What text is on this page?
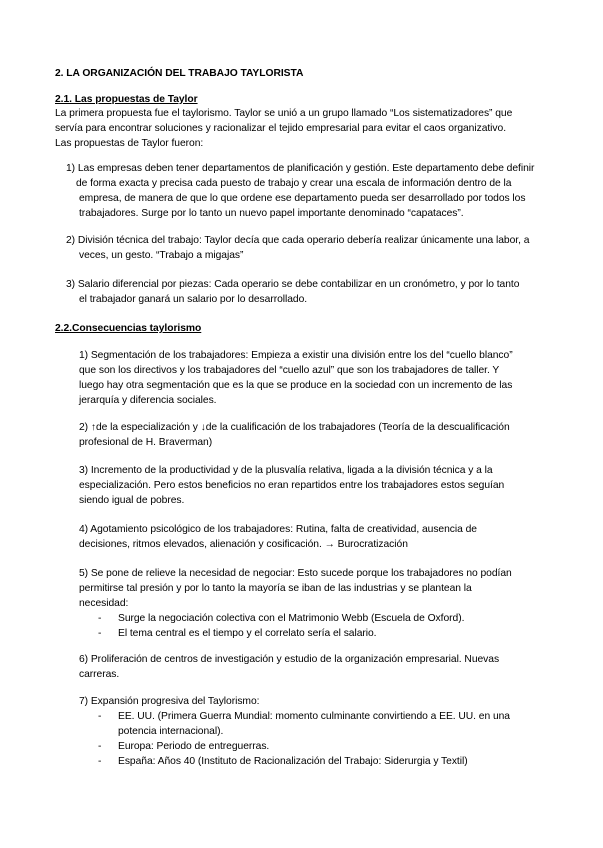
2. LA ORGANIZACIÓN DEL TRABAJO TAYLORISTA
2.1. Las propuestas de Taylor
La primera propuesta fue el taylorismo. Taylor se unió a un grupo llamado “Los sistematizadores” que
servía para encontrar soluciones y racionalizar el tejido empresarial para evitar el caos organizativo.
Las propuestas de Taylor fueron:
1) Las empresas deben tener departamentos de planificación y gestión. Este departamento debe definir
de forma exacta y precisa cada puesto de trabajo y crear una escala de información dentro de la
empresa, de manera de que lo que ordene ese departamento pueda ser desarrollado por todos los
trabajadores. Surge por lo tanto un nuevo papel importante denominado “capataces”.
2) División técnica del trabajo: Taylor decía que cada operario debería realizar únicamente una labor, a
veces, un gesto. “Trabajo a migajas”
3) Salario diferencial por piezas: Cada operario se debe contabilizar en un cronómetro, y por lo tanto
el trabajador ganará un salario por lo desarrollado.
2.2.Consecuencias taylorismo
1) Segmentación de los trabajadores: Empieza a existir una división entre los del “cuello blanco”
que son los directivos y los trabajadores del “cuello azul” que son los trabajadores de taller. Y
luego hay otra segmentación que es la que se produce en la sociedad con un incremento de las
jerarquía y diferencia sociales.
2) ↑de la especialización y ↓de la cualificación de los trabajadores (Teoría de la descualificación
profesional de H. Braverman)
3) Incremento de la productividad y de la plusvalía relativa, ligada a la división técnica y a la
especialización. Pero estos beneficios no eran repartidos entre los trabajadores estos seguían
siendo igual de pobres.
4) Agotamiento psicológico de los trabajadores: Rutina, falta de creatividad, ausencia de
decisiones, ritmos elevados, alienación y cosificación. → Burocratización
5) Se pone de relieve la necesidad de negociar: Esto sucede porque los trabajadores no podían
permitirse tal presión y por lo tanto la mayoría se iban de las industrias y se plantean la
necesidad:
- Surge la negociación colectiva con el Matrimonio Webb (Escuela de Oxford).
- El tema central es el tiempo y el correlato sería el salario.
6) Proliferación de centros de investigación y estudio de la organización empresarial. Nuevas
carreras.
7) Expansión progresiva del Taylorismo:
- EE. UU. (Primera Guerra Mundial: momento culminante convirtiendo a EE. UU. en una
potencia internacional).
- Europa: Periodo de entreguerras.
- España: Años 40 (Instituto de Racionalización del Trabajo: Siderurgia y Textil)
